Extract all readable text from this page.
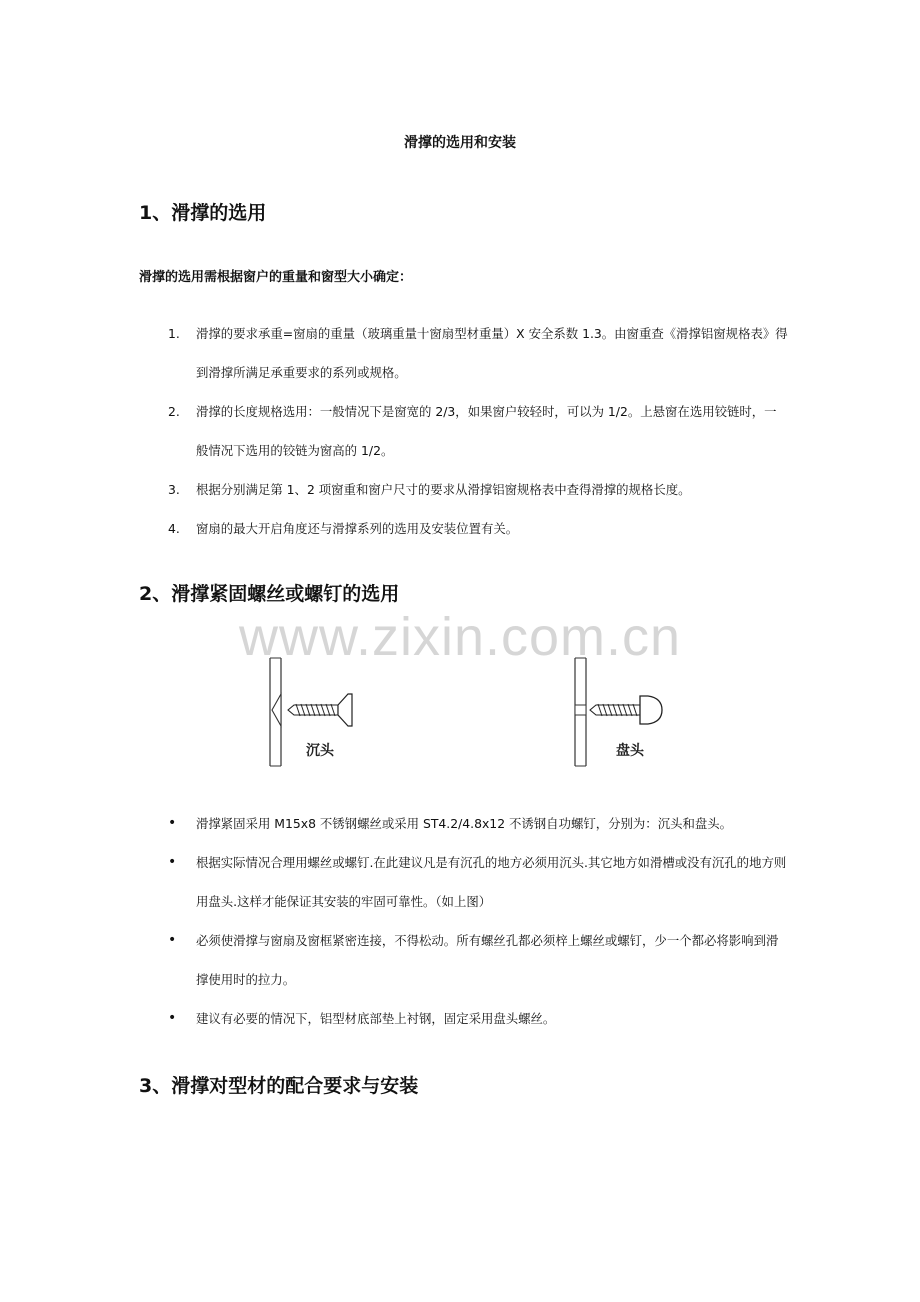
滑撑的选用和安装
1、滑撑的选用
滑撑的选用需根据窗户的重量和窗型大小确定：
1.	滑撑的要求承重=窗扇的重量（玻璃重量十窗扇型材重量）X 安全系数 1.3。由窗重查《滑撑铝窗规格表》得到滑撑所满足承重要求的系列或规格。
2.	滑撑的长度规格选用：一般情况下是窗宽的 2/3，如果窗户较轻时，可以为 1/2。上悬窗在选用铰链时，一般情况下选用的铰链为窗高的 1/2。
3.	根据分别满足第 1、2 项窗重和窗户尺寸的要求从滑撑铝窗规格表中查得滑撑的规格长度。
4.	窗扇的最大开启角度还与滑撑系列的选用及安装位置有关。
2、滑撑紧固螺丝或螺钉的选用
www.zixin.com.cn
沉头	盘头
•	滑撑紧固采用 M15x8 不锈钢螺丝或采用 ST4.2/4.8x12 不诱钢自功螺钉，分别为：沉头和盘头。
•	根据实际情况合理用螺丝或螺钉.在此建议凡是有沉孔的地方必须用沉头.其它地方如滑槽或没有沉孔的地方则用盘头.这样才能保证其安装的牢固可靠性。（如上图）
•	必须使滑撑与窗扇及窗框紧密连接，不得松动。所有螺丝孔都必须梓上螺丝或螺钉，少一个都必将影响到滑撑使用时的拉力。
•	建议有必要的情况下，铝型材底部垫上衬钢，固定采用盘头螺丝。
3、滑撑对型材的配合要求与安装
